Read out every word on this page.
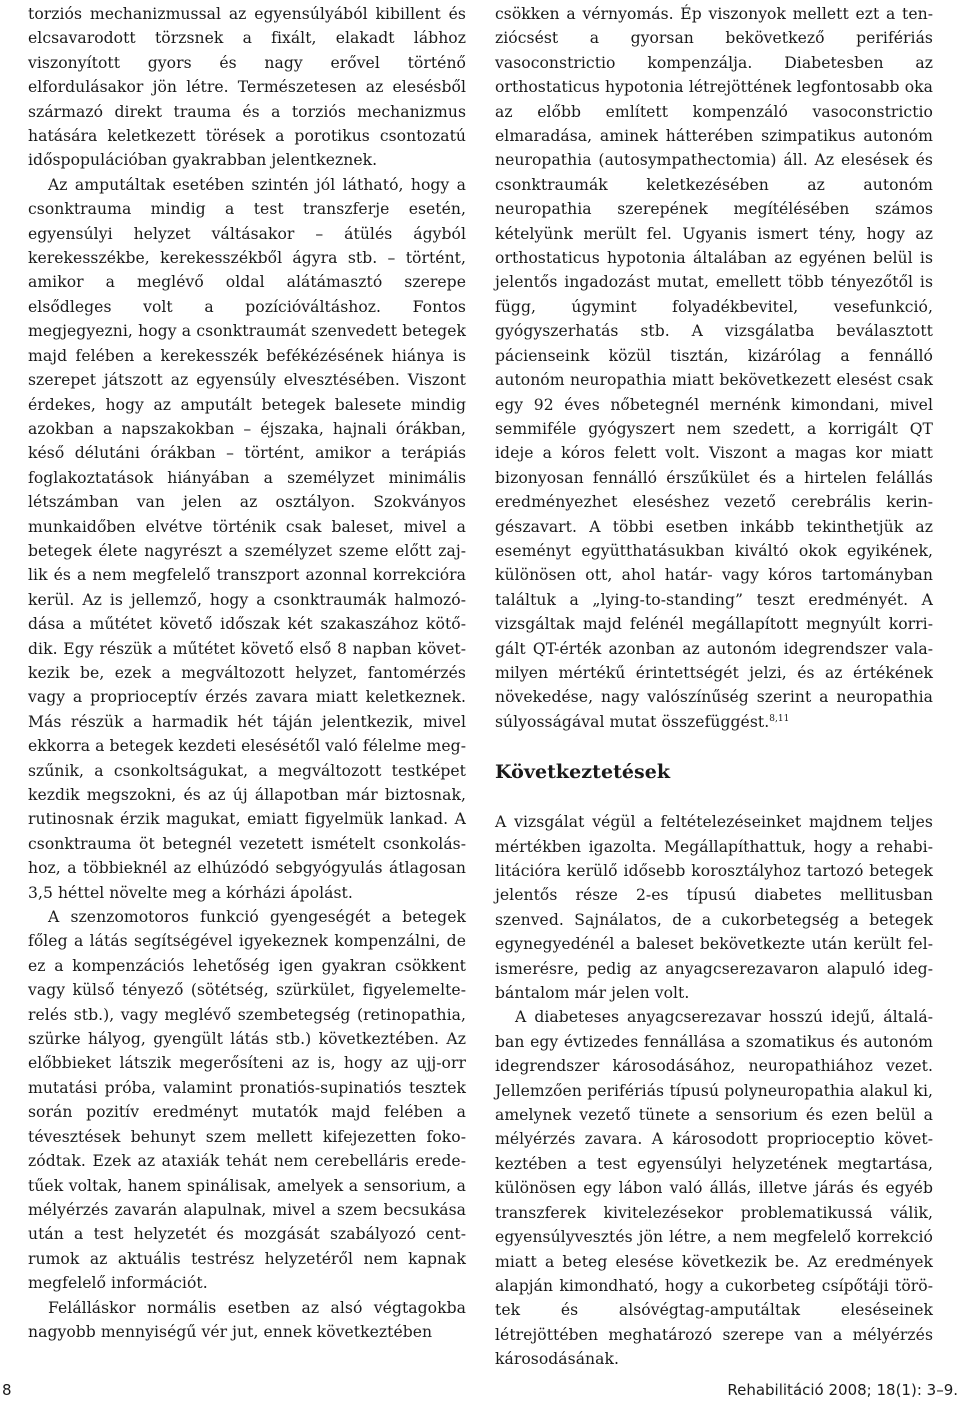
torziós mechanizmussal az egyensúlyából kibillent és elcsavarodott törzsnek a fixált, elakadt lábhoz viszonyított gyors és nagy erővel történő elfordulásakor jön létre. Természetesen az elesésből származó direkt trauma és a torziós mechanizmus hatására keletkezett törések a porotikus csontozatú időspopulációban gyakrabban jelentkeznek.

Az amputáltak esetében szintén jól látható, hogy a csonktrauma mindig a test transzferje esetén, egyensúlyi helyzet váltásakor – átülés ágyból kerekesszékbe, kerekesszékből ágyra stb. – történt, amikor a meglévő oldal alátámasztó szerepe elsődleges volt a pozícióváltáshoz. Fontos megjegyezni, hogy a csonktraumát szenvedett betegek majd felében a kerekesszék befékézésének hiánya is szerepet játszott az egyensúly elvesztésében. Viszont érdekes, hogy az amputált betegek balesete mindig azokban a napszakokban – éjszaka, hajnali órákban, késő délutáni órákban – történt, amikor a terápiás foglakoztatások hiányában a személyzet minimális létszámban van jelen az osztályon. Szokványos munkaidőben elvétve történik csak baleset, mivel a betegek élete nagyrészt a személyzet szeme előtt zajlik és a nem megfelelő transzport azonnal korrekcióra kerül. Az is jellemző, hogy a csonktraumák halmozódása a műtétet követő időszak két szakaszához kötődik. Egy részük a műtétet követő első 8 napban következik be, ezek a megváltozott helyzet, fantomérzés vagy a proprioceptív érzés zavara miatt keletkeznek. Más részük a harmadik hét táján jelentkezik, mivel ekkorra a betegek kezdeti elesésétől való félelme megszűnik, a csonkoltságukat, a megváltozott testképet kezdik megszokni, és az új állapotban már biztosnak, rutinosnak érzik magukat, emiatt figyelmük lankad. A csonktrauma öt betegnél vezetett ismételt csonkoláshoz, a többieknél az elhúzódó sebgyógyulás átlagosan 3,5 héttel növelte meg a kórházi ápolást.

A szenzomotoros funkció gyengeségét a betegek főleg a látás segítségével igyekeznek kompenzálni, de ez a kompenzációs lehetőség igen gyakran csökkent vagy külső tényező (sötétség, szürkület, figyelemelterelés stb.), vagy meglévő szembetegség (retinopathia, szürke hályog, gyengült látás stb.) következtében. Az előbbieket látszik megerősíteni az is, hogy az ujj-orr mutatási próba, valamint pronatiós-supinatiós tesztek során pozitív eredményt mutatók majd felében a tévesztések behunyt szem mellett kifejezetten fokozódtak. Ezek az ataxiák tehát nem cerebelláris eredetűek voltak, hanem spinálisak, amelyek a sensorium, a mélyérzés zavarán alapulnak, mivel a szem becsukása után a test helyzetét és mozgását szabályozó centrumok az aktuális testrész helyzetéről nem kapnak megfelelő információt.

Felálláskor normális esetben az alsó végtagokba nagyobb mennyiségű vér jut, ennek következtében

csökken a vérnyomás. Ép viszonyok mellett ezt a tenziócsést a gyorsan bekövetkező perifériás vasoconstrictio kompenzálja. Diabetesben az orthostaticus hypotonia létrejöttének legfontosabb oka az előbb említett kompenzáló vasoconstrictio elmaradása, aminek hátterében szimpatikus autonóm neuropathia (autosympathectomia) áll. Az elesések és csonktraumák keletkezésében az autonóm neuropathia szerepének megítélésében számos kételyünk merült fel. Ugyanis ismert tény, hogy az orthostaticus hypotonia általában az egyénen belül is jelentős ingadozást mutat, emellett több tényezőtől is függ, úgymint folyadékbevitel, vesefunkció, gyógyszerhatás stb. A vizsgálatba beválasztott pácienseink közül tisztán, kizárólag a fennálló autonóm neuropathia miatt bekövetkezett elesést csak egy 92 éves nőbetegnél mernénk kimondani, mivel semmiféle gyógyszert nem szedett, a korrigált QT ideje a kóros felett volt. Viszont a magas kor miatt bizonyosan fennálló érszűkület és a hirtelen felállás eredményezhet eleséshez vezető cerebrális keringészavart. A többi esetben inkább tekinthetjük az eseményt együtthatásukban kiváltó okok egyikének, különösen ott, ahol határ- vagy kóros tartományban találtuk a „lying-to-standing” teszt eredményét. A vizsgáltak majd felénél megállapított megnyúlt korrigált QT-érték azonban az autonóm idegrendszer valamilyen mértékű érintettségét jelzi, és az értékének növekedése, nagy valószínűség szerint a neuropathia súlyosságával mutat összefüggést.$^{8,11}$

Következtetések

A vizsgálat végül a feltételezéseinket majdnem teljes mértékben igazolta. Megállapíthattuk, hogy a rehabilitációra kerülő idősebb korosztályhoz tartozó betegek jelentős része 2-es típusú diabetes mellitusban szenved. Sajnálatos, de a cukorbetegség a betegek egynegyedénél a baleset bekövetkezte után került felismerésre, pedig az anyagcserezavaron alapuló ideg bántalom már jelen volt.

A diabeteses anyagcserezavar hosszú idejű, általában egy évtizedes fennállása a szomatikus és autonóm idegrendszer károsodásához, neuropathiához vezet. Jellemzően perifériás típusú polyneuropathia alakul ki, amelynek vezető tünete a sensorium és ezen belül a mélyérzés zavara. A károsodott proprioceptio következtében a test egyensúlyi helyzetének megtartása, különösen egy lábon való állás, illetve járás és egyéb transzferek kivitelezésekor problematikussá válik, egyensúlyvesztés jön létre, a nem megfelelő korrekció miatt a beteg elesése következik be. Az eredmények alapján kimondható, hogy a cukorbeteg csípőtáji törötek és alsóvégtag-amputáltak eleséseinek létrejöttében meghatározó szerepe van a mélyérzés károsodásának.

8	Rehabilitáció 2008; 18(1): 3–9.
